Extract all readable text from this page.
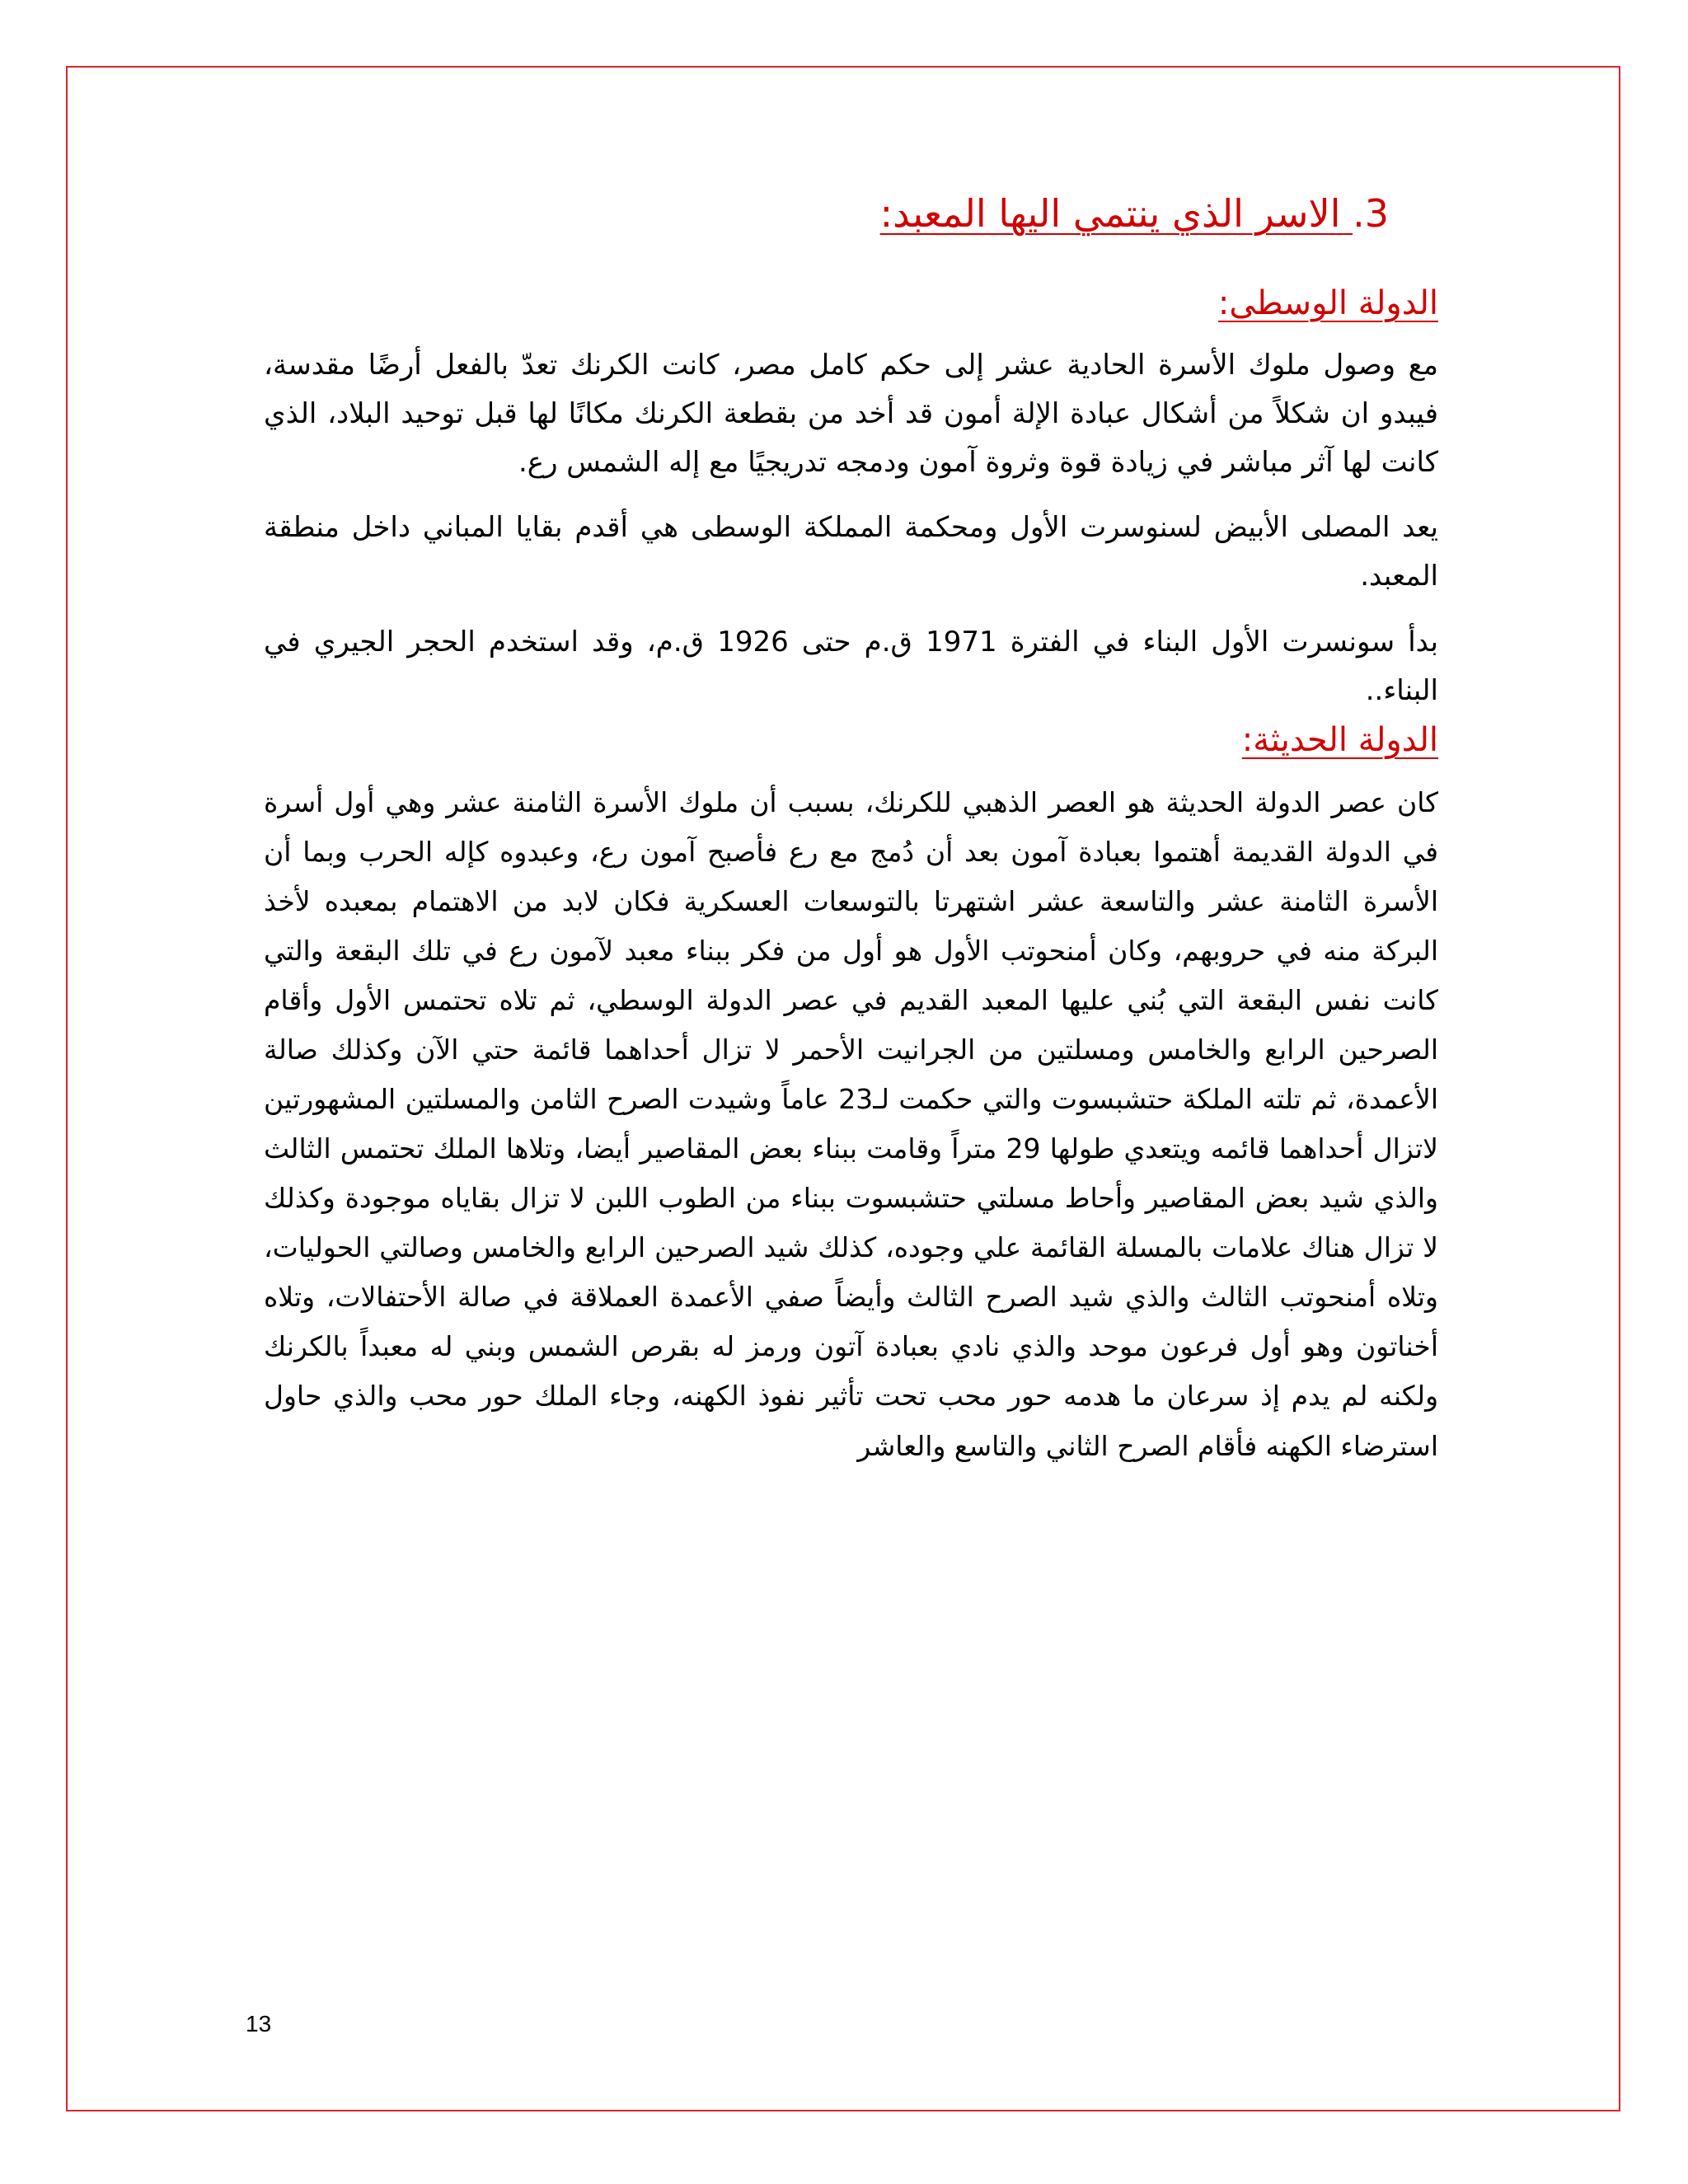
3. الاسر الذي ينتمي اليها المعبد:
الدولة الوسطى:

مع وصول ملوك الأسرة الحادية عشر إلى حكم كامل مصر، كانت الكرنك تعدّ بالفعل أرضًا مقدسة، فيبدو ان شكلاً من أشكال عبادة الإلة أمون قد أخد من بقطعة الكرنك مكانًا لها قبل توحيد البلاد، الذي كانت لها آثر مباشر في زيادة قوة وثروة آمون ودمجه تدريجيًا مع إله الشمس رع.

يعد المصلى الأبيض لسنوسرت الأول ومحكمة المملكة الوسطى هي أقدم بقايا المباني داخل منطقة المعبد.

بدأ سونسرت الأول البناء في الفترة 1971 ق.م حتى 1926 ق.م، وقد استخدم الحجر الجيري في البناء..

الدولة الحديثة:

كان عصر الدولة الحديثة هو العصر الذهبي للكرنك، بسبب أن ملوك الأسرة الثامنة عشر وهي أول أسرة في الدولة القديمة أهتموا بعبادة آمون بعد أن دُمج مع رع فأصبح آمون رع، وعبدوه كإله الحرب وبما أن الأسرة الثامنة عشر والتاسعة عشر اشتهرتا بالتوسعات العسكرية فكان لابد من الاهتمام بمعبده لأخذ البركة منه في حروبهم، وكان أمنحوتب الأول هو أول من فكر ببناء معبد لآمون رع في تلك البقعة والتي كانت نفس البقعة التي بُني عليها المعبد القديم في عصر الدولة الوسطي، ثم تلاه تحتمس الأول وأقام الصرحين الرابع والخامس ومسلتين من الجرانيت الأحمر لا تزال أحداهما قائمة حتي الآن وكذلك صالة الأعمدة، ثم تلته الملكة حتشبسوت والتي حكمت لـ23 عاماً وشيدت الصرح الثامن والمسلتين المشهورتين لاتزال أحداهما قائمه ويتعدي طولها 29 متراً وقامت ببناء بعض المقاصير أيضا، وتلاها الملك تحتمس الثالث والذي شيد بعض المقاصير وأحاط مسلتي حتشبسوت ببناء من الطوب اللبن لا تزال بقاياه موجودة وكذلك لا تزال هناك علامات بالمسلة القائمة علي وجوده، كذلك شيد الصرحين الرابع والخامس وصالتي الحوليات، وتلاه أمنحوتب الثالث والذي شيد الصرح الثالث وأيضاً صفي الأعمدة العملاقة في صالة الأحتفالات، وتلاه أخناتون وهو أول فرعون موحد والذي نادي بعبادة آتون ورمز له بقرص الشمس وبني له معبداً بالكرنك ولكنه لم يدم إذ سرعان ما هدمه حور محب تحت تأثير نفوذ الكهنه، وجاء الملك حور محب والذي حاول استرضاء الكهنه فأقام الصرح الثاني والتاسع والعاشر

13
